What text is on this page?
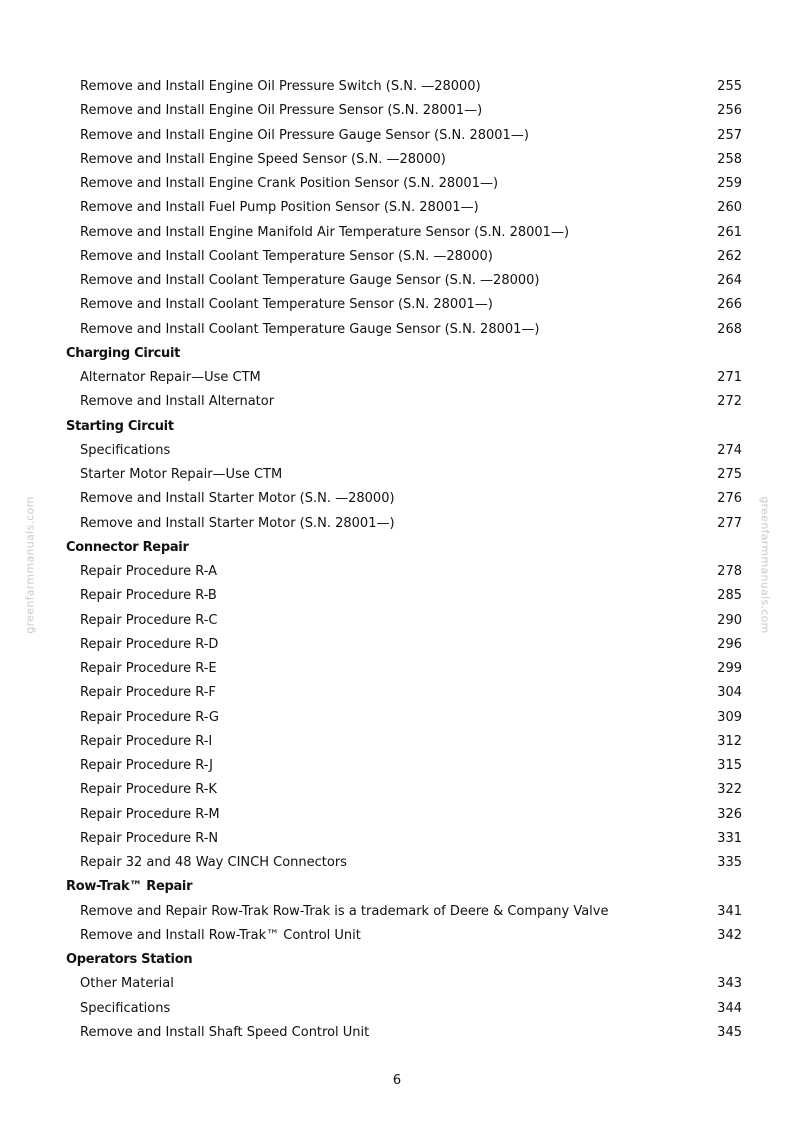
Remove and Install Engine Oil Pressure Switch (S.N. —28000)	255
Remove and Install Engine Oil Pressure Sensor (S.N. 28001—)	256
Remove and Install Engine Oil Pressure Gauge Sensor (S.N. 28001—)	257
Remove and Install Engine Speed Sensor (S.N. —28000)	258
Remove and Install Engine Crank Position Sensor (S.N. 28001—)	259
Remove and Install Fuel Pump Position Sensor (S.N. 28001—)	260
Remove and Install Engine Manifold Air Temperature Sensor (S.N. 28001—)	261
Remove and Install Coolant Temperature Sensor (S.N. —28000)	262
Remove and Install Coolant Temperature Gauge Sensor (S.N. —28000)	264
Remove and Install Coolant Temperature Sensor (S.N. 28001—)	266
Remove and Install Coolant Temperature Gauge Sensor (S.N. 28001—)	268
Charging Circuit
Alternator Repair—Use CTM	271
Remove and Install Alternator	272
Starting Circuit
Specifications	274
Starter Motor Repair—Use CTM	275
Remove and Install Starter Motor (S.N. —28000)	276
Remove and Install Starter Motor (S.N. 28001—)	277
Connector Repair
Repair Procedure R-A	278
Repair Procedure R-B	285
Repair Procedure R-C	290
Repair Procedure R-D	296
Repair Procedure R-E	299
Repair Procedure R-F	304
Repair Procedure R-G	309
Repair Procedure R-I	312
Repair Procedure R-J	315
Repair Procedure R-K	322
Repair Procedure R-M	326
Repair Procedure R-N	331
Repair 32 and 48 Way CINCH Connectors	335
Row-Trak™ Repair
Remove and Repair Row-Trak Row-Trak is a trademark of Deere & Company Valve	341
Remove and Install Row-Trak™ Control Unit	342
Operators Station
Other Material	343
Specifications	344
Remove and Install Shaft Speed Control Unit	345
greenfarmmanuals.com	greenfarmmanuals.com
6
